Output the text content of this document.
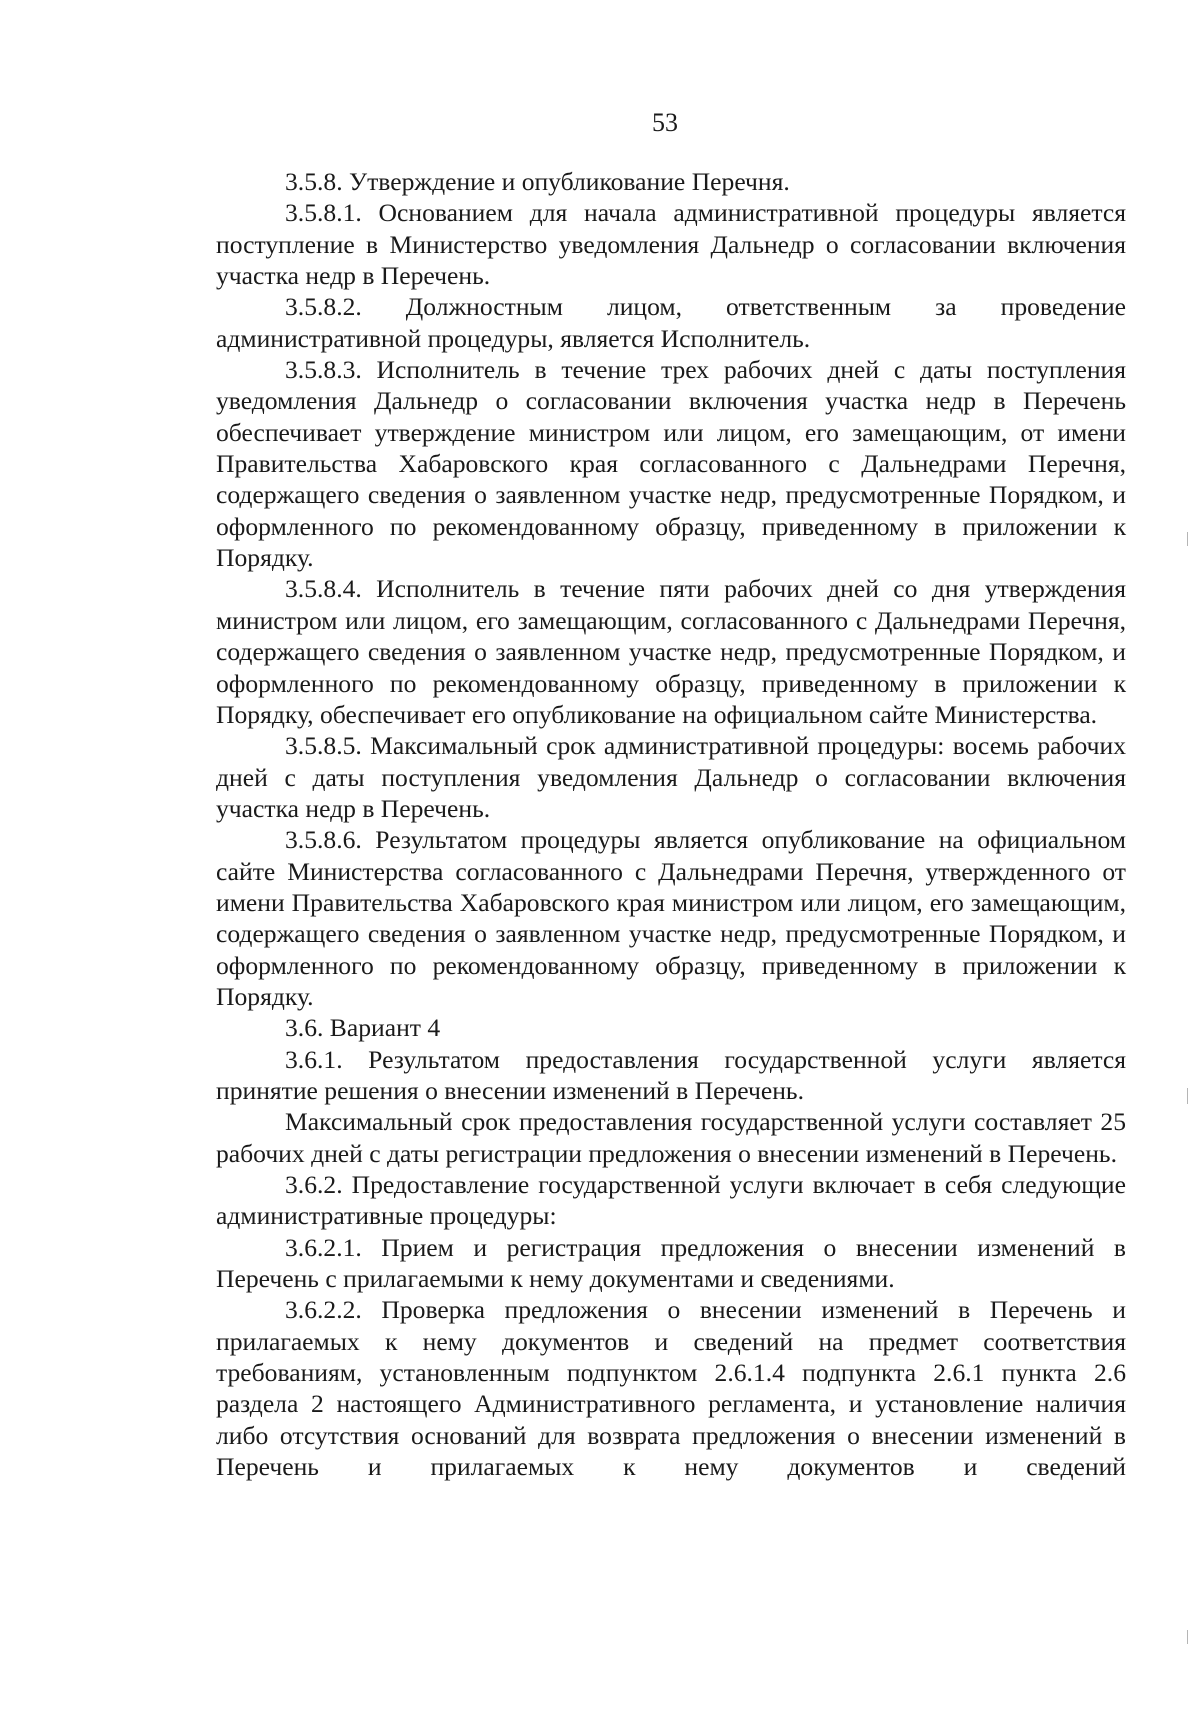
53

3.5.8. Утверждение и опубликование Перечня.

3.5.8.1. Основанием для начала административной процедуры является поступление в Министерство уведомления Дальнедр о согласовании включения участка недр в Перечень.

3.5.8.2. Должностным лицом, ответственным за проведение административной процедуры, является Исполнитель.

3.5.8.3. Исполнитель в течение трех рабочих дней с даты поступления уведомления Дальнедр о согласовании включения участка недр в Перечень обеспечивает утверждение министром или лицом, его замещающим, от имени Правительства Хабаровского края согласованного с Дальнедрами Перечня, содержащего сведения о заявленном участке недр, предусмотренные Порядком, и оформленного по рекомендованному образцу, приведенному в приложении к Порядку.

3.5.8.4. Исполнитель в течение пяти рабочих дней со дня утверждения министром или лицом, его замещающим, согласованного с Дальнедрами Перечня, содержащего сведения о заявленном участке недр, предусмотренные Порядком, и оформленного по рекомендованному образцу, приведенному в приложении к Порядку, обеспечивает его опубликование на официальном сайте Министерства.

3.5.8.5. Максимальный срок административной процедуры: восемь рабочих дней с даты поступления уведомления Дальнедр о согласовании включения участка недр в Перечень.

3.5.8.6. Результатом процедуры является опубликование на официальном сайте Министерства согласованного с Дальнедрами Перечня, утвержденного от имени Правительства Хабаровского края министром или лицом, его замещающим, содержащего сведения о заявленном участке недр, предусмотренные Порядком, и оформленного по рекомендованному образцу, приведенному в приложении к Порядку.

3.6. Вариант 4

3.6.1. Результатом предоставления государственной услуги является принятие решения о внесении изменений в Перечень.

Максимальный срок предоставления государственной услуги составляет 25 рабочих дней с даты регистрации предложения о внесении изменений в Перечень.

3.6.2. Предоставление государственной услуги включает в себя следующие административные процедуры:

3.6.2.1. Прием и регистрация предложения о внесении изменений в Перечень с прилагаемыми к нему документами и сведениями.

3.6.2.2. Проверка предложения о внесении изменений в Перечень и прилагаемых к нему документов и сведений на предмет соответствия требованиям, установленным подпунктом 2.6.1.4 подпункта 2.6.1 пункта 2.6 раздела 2 настоящего Административного регламента, и установление наличия либо отсутствия оснований для возврата предложения о внесении изменений в Перечень и прилагаемых к нему документов и сведений
